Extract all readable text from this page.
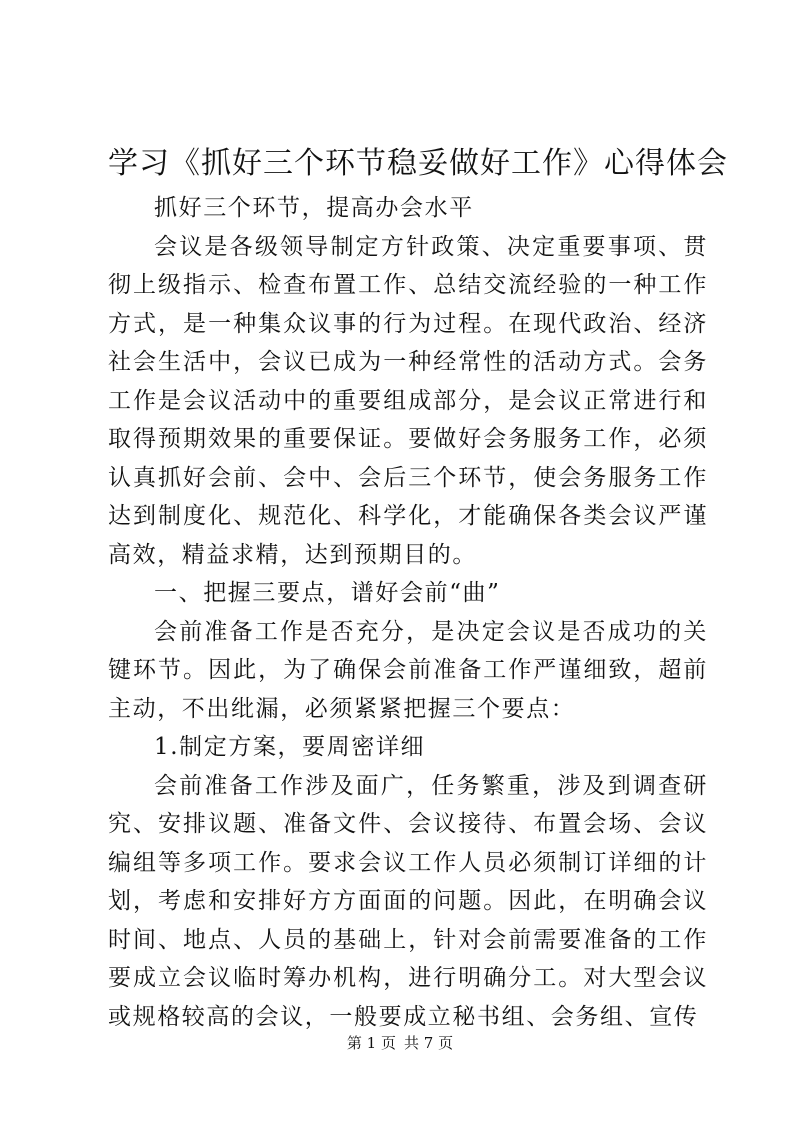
学习《抓好三个环节稳妥做好工作》心得体会

抓好三个环节，提高办会水平

会议是各级领导制定方针政策、决定重要事项、贯彻上级指示、检查布置工作、总结交流经验的一种工作方式，是一种集众议事的行为过程。在现代政治、经济社会生活中，会议已成为一种经常性的活动方式。会务工作是会议活动中的重要组成部分，是会议正常进行和取得预期效果的重要保证。要做好会务服务工作，必须认真抓好会前、会中、会后三个环节，使会务服务工作达到制度化、规范化、科学化，才能确保各类会议严谨高效，精益求精，达到预期目的。

一、把握三要点，谱好会前“曲”

会前准备工作是否充分，是决定会议是否成功的关键环节。因此，为了确保会前准备工作严谨细致，超前主动，不出纰漏，必须紧紧把握三个要点：

1.制定方案，要周密详细

会前准备工作涉及面广，任务繁重，涉及到调查研究、安排议题、准备文件、会议接待、布置会场、会议编组等多项工作。要求会议工作人员必须制订详细的计划，考虑和安排好方方面面的问题。因此，在明确会议时间、地点、人员的基础上，针对会前需要准备的工作要成立会议临时筹办机构，进行明确分工。对大型会议或规格较高的会议，一般要成立秘书组、会务组、宣传

第 1 页 共 7 页
